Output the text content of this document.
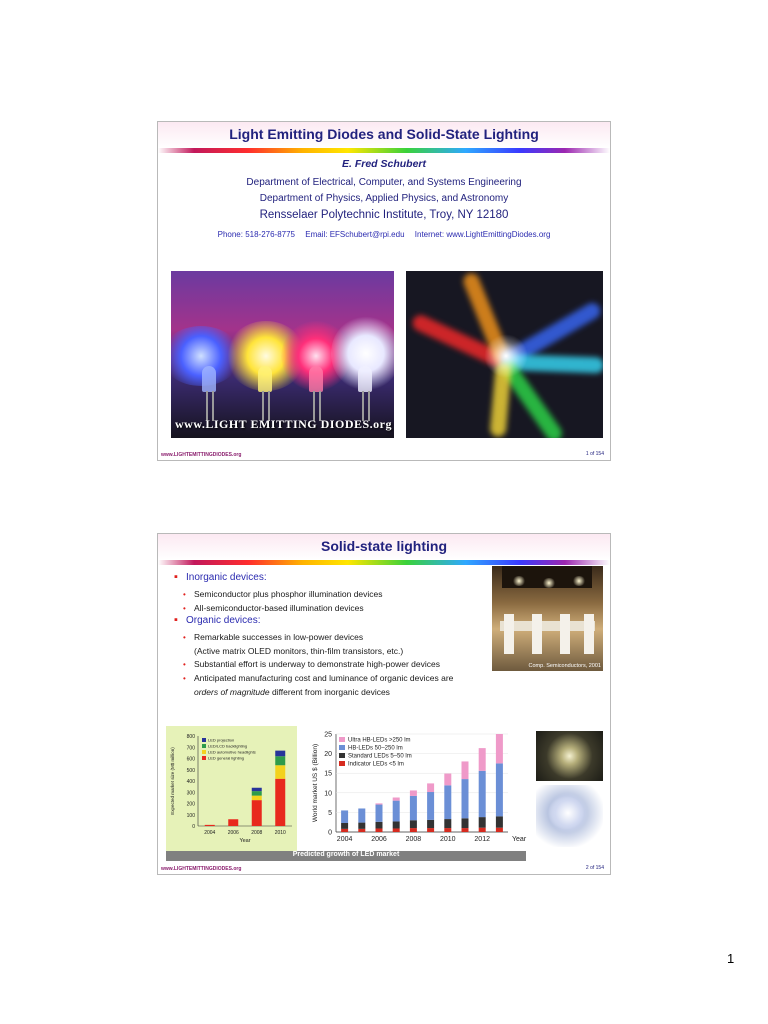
Light Emitting Diodes and Solid-State Lighting
E. Fred Schubert
Department of Electrical, Computer, and Systems Engineering
Department of Physics, Applied Physics, and Astronomy
Rensselaer Polytechnic Institute, Troy, NY 12180
Phone: 518-276-8775 Email: EFSchubert@rpi.edu Internet: www.LightEmittingDiodes.org
www.LIGHT EMITTING DIODES.org
www.LIGHTEMITTINGDIODES.org	1 of 154
Solid-state lighting
▪ Inorganic devices:
• Semiconductor plus phosphor illumination devices
• All-semiconductor-based illumination devices
▪ Organic devices:
• Remarkable successes in low-power devices
(Active matrix OLED monitors, thin-film transistors, etc.)
• Substantial effort is underway to demonstrate high-power devices
• Anticipated manufacturing cost and luminance of organic devices are
orders of magnitude different from inorganic devices
Comp. Semiconductors, 2001
0
100
200
300
400
500
600
700
800
2004 2006 2008 2010
Year
Expected market size (M$ million)
LED projection
LED/LCD backlighting
LED automotive headlights
LED general lighting
0
5
10
15
20
25
2004	2006	2008	2010	2012	Year
World market US $ (Billion)
Ultra HB-LEDs >250 lm
HB-LEDs 50–250 lm
Standard LEDs 5–50 lm
Indicator LEDs <5 lm
Predicted growth of LED market
www.LIGHTEMITTINGDIODES.org	2 of 154
1
